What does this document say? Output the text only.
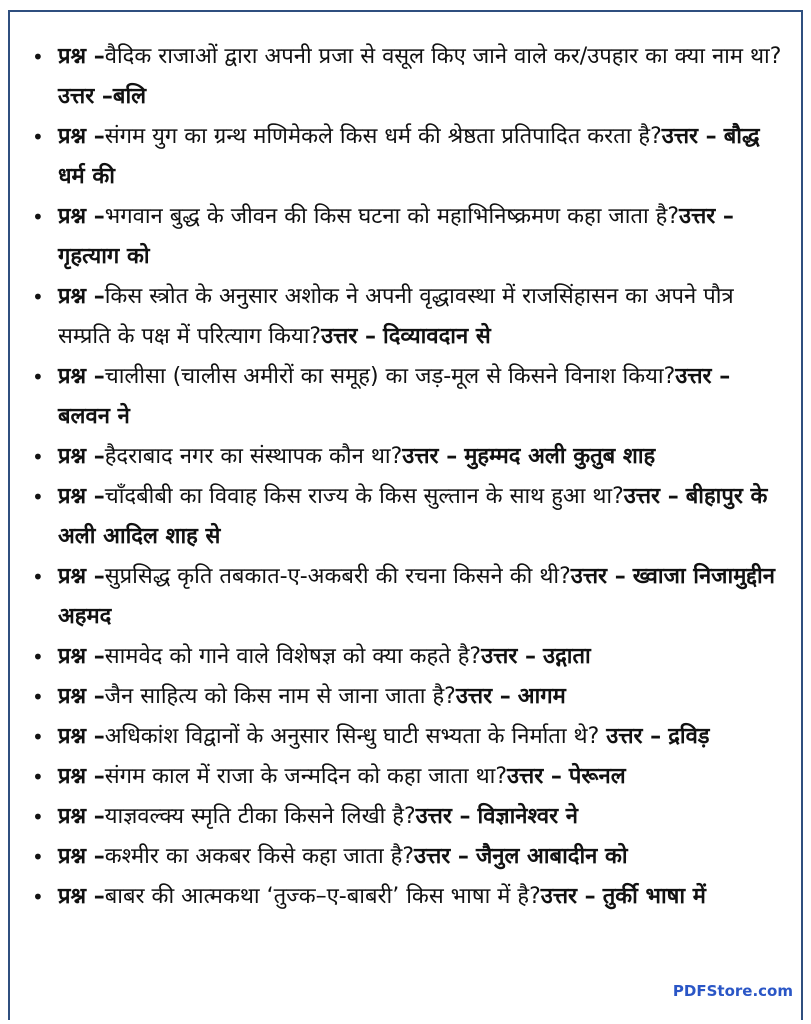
• प्रश्न –वैदिक राजाओं द्वारा अपनी प्रजा से वसूल किए जाने वाले कर/उपहार का क्या नाम था?उत्तर –बलि
• प्रश्न –संगम युग का ग्रन्थ मणिमेकले किस धर्म की श्रेष्ठता प्रतिपादित करता है?उत्तर – बौद्ध धर्म की
• प्रश्न –भगवान बुद्ध के जीवन की किस घटना को महाभिनिष्क्रमण कहा जाता है?उत्तर – गृहत्याग को
• प्रश्न –किस स्त्रोत के अनुसार अशोक ने अपनी वृद्धावस्था में राजसिंहासन का अपने पौत्र सम्प्रति के पक्ष में परित्याग किया?उत्तर – दिव्यावदान से
• प्रश्न –चालीसा (चालीस अमीरों का समूह) का जड़-मूल से किसने विनाश किया?उत्तर – बलवन ने
• प्रश्न –हैदराबाद नगर का संस्थापक कौन था?उत्तर – मुहम्मद अली कुतुब शाह
• प्रश्न –चाँदबीबी का विवाह किस राज्य के किस सुल्तान के साथ हुआ था?उत्तर – बीहापुर के अली आदिल शाह से
• प्रश्न –सुप्रसिद्ध कृति तबकात-ए-अकबरी की रचना किसने की थी?उत्तर – ख्वाजा निजामुद्दीन अहमद
• प्रश्न –सामवेद को गाने वाले विशेषज्ञ को क्या कहते है?उत्तर – उद्गाता
• प्रश्न –जैन साहित्य को किस नाम से जाना जाता है?उत्तर – आगम
• प्रश्न –अधिकांश विद्वानों के अनुसार सिन्धु घाटी सभ्यता के निर्माता थे? उत्तर – द्रविड़
• प्रश्न –संगम काल में राजा के जन्मदिन को कहा जाता था?उत्तर – पेरूनल
• प्रश्न –याज्ञवल्क्य स्मृति टीका किसने लिखी है?उत्तर – विज्ञानेश्वर ने
• प्रश्न –कश्मीर का अकबर किसे कहा जाता है?उत्तर – जैनुल आबादीन को
• प्रश्न –बाबर की आत्मकथा ‘तुज्क–ए-बाबरी’ किस भाषा में है?उत्तर – तुर्की भाषा में
PDFStore.com
